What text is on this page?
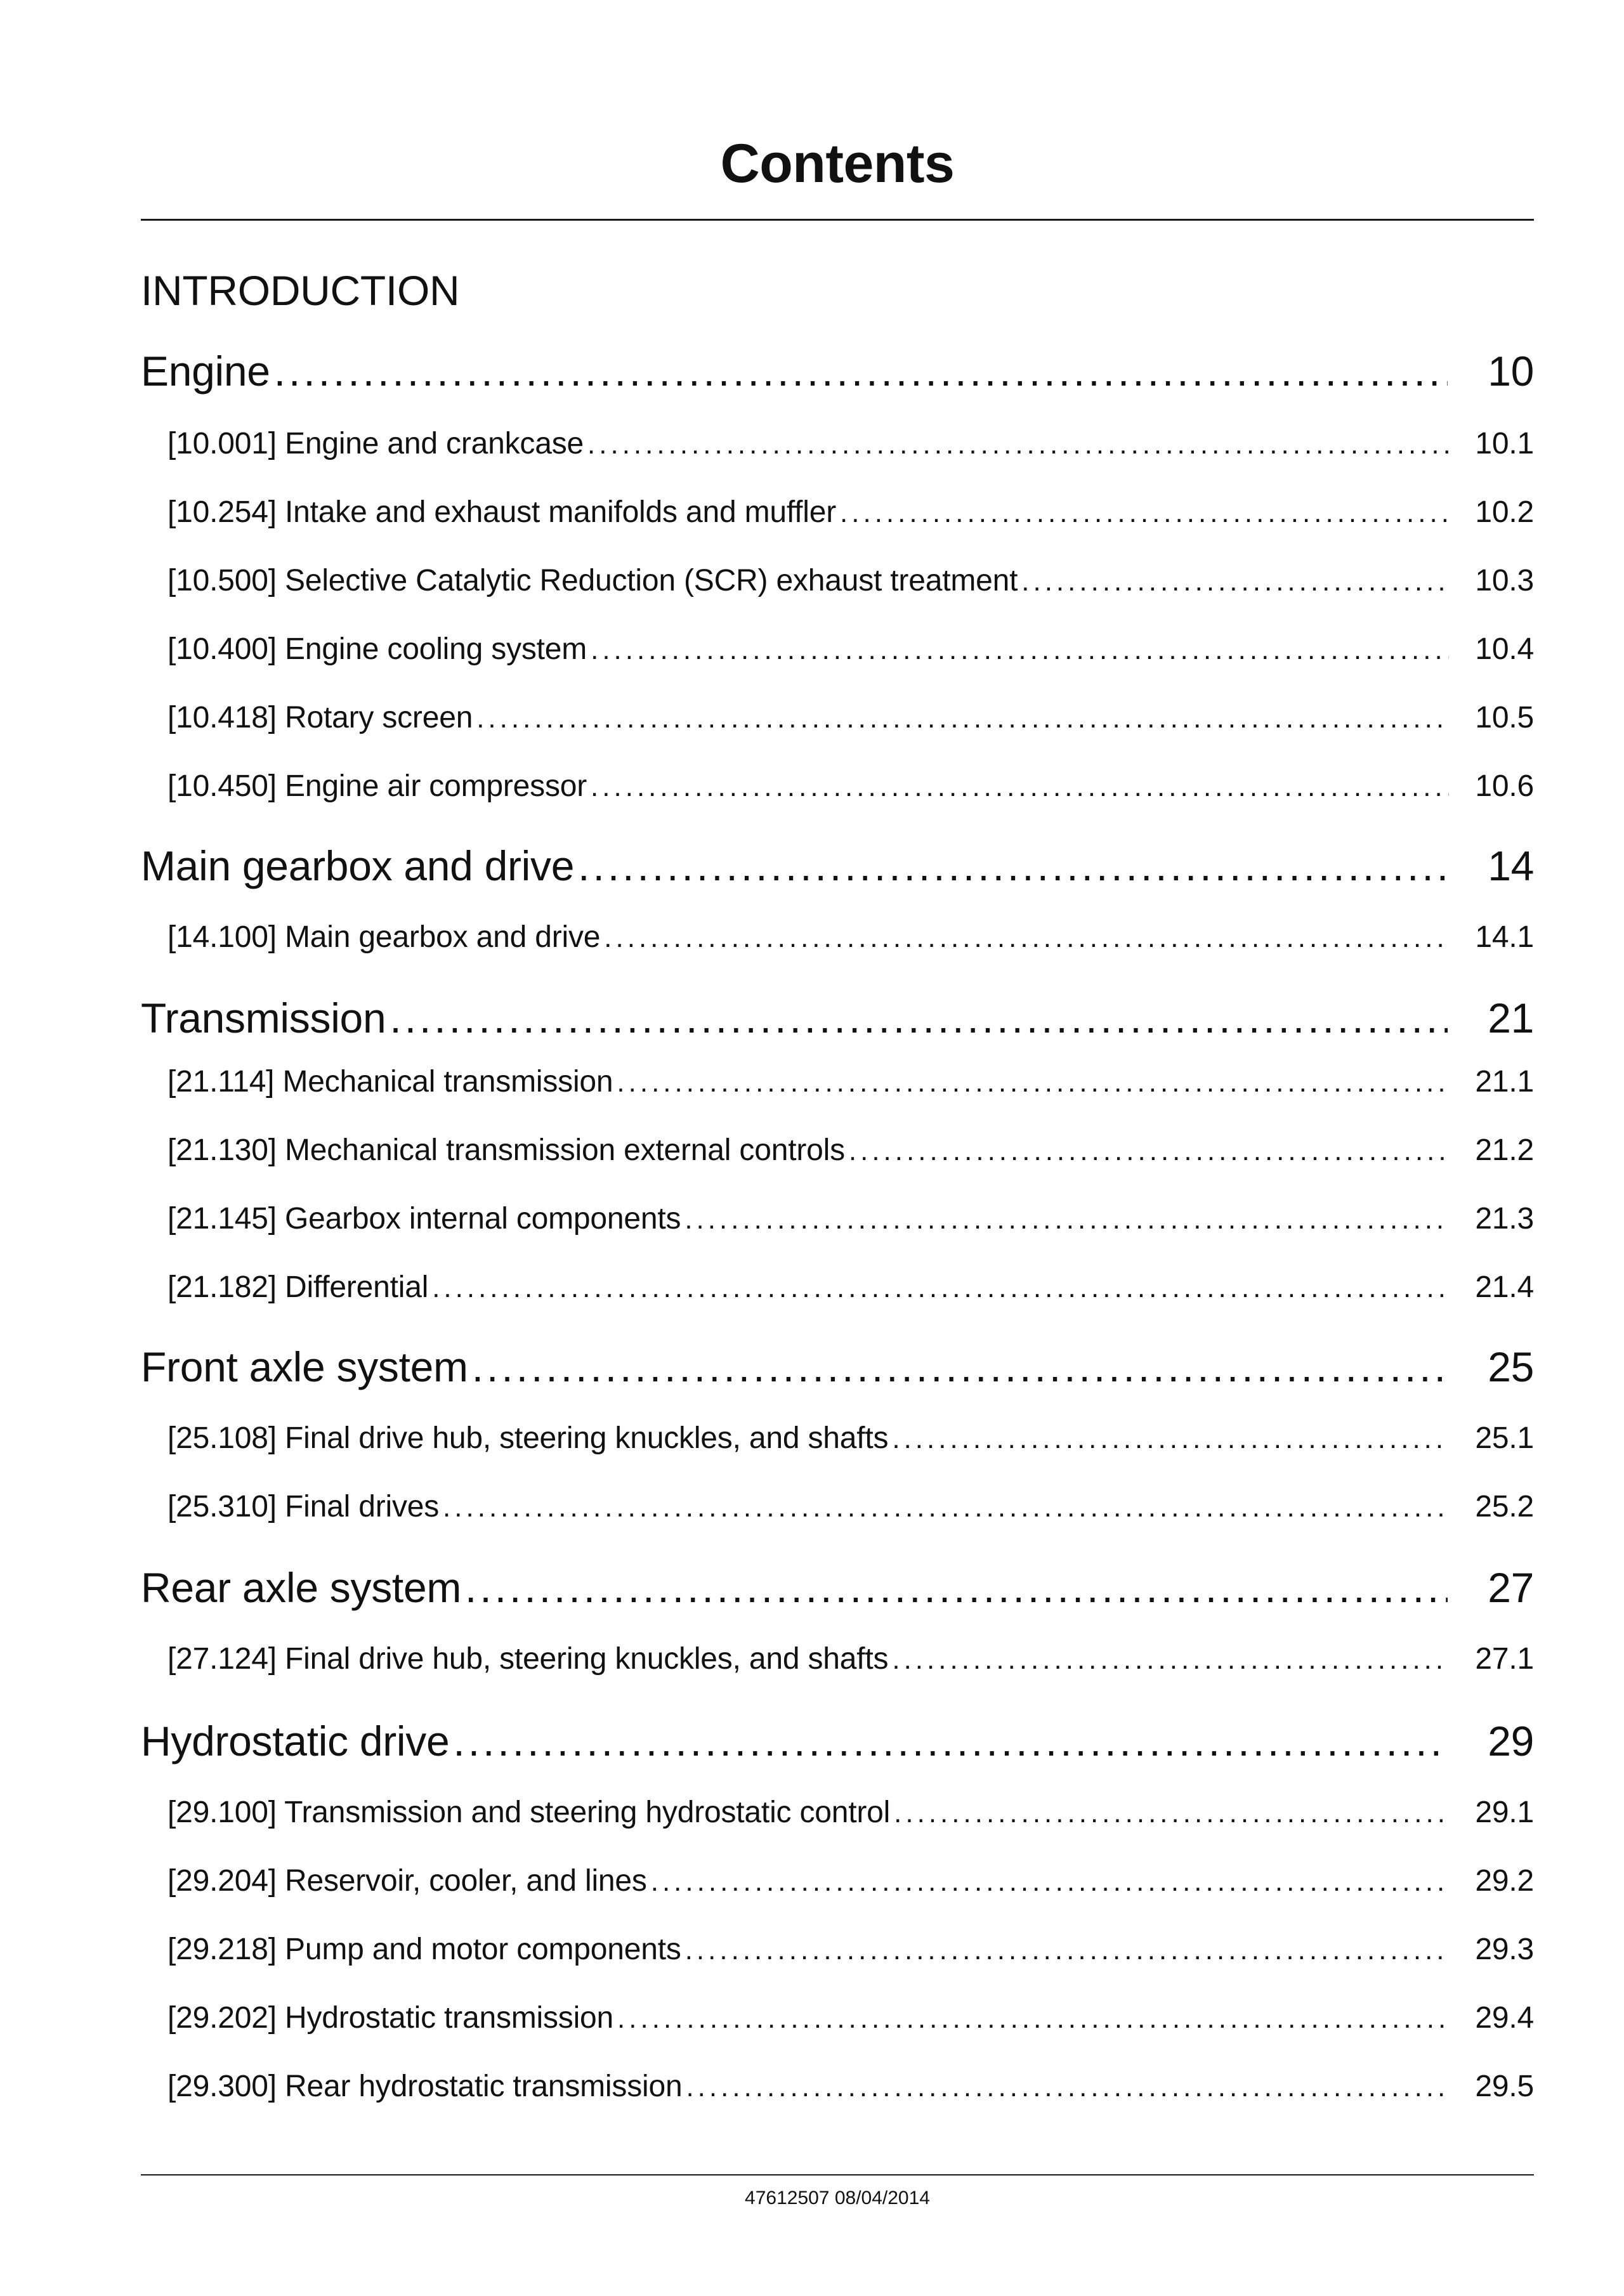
Contents
INTRODUCTION
Engine .....	10
[10.001] Engine and crankcase .....	10.1
[10.254] Intake and exhaust manifolds and muffler .....	10.2
[10.500] Selective Catalytic Reduction (SCR) exhaust treatment .....	10.3
[10.400] Engine cooling system .....	10.4
[10.418] Rotary screen .....	10.5
[10.450] Engine air compressor .....	10.6
Main gearbox and drive .....	14
[14.100] Main gearbox and drive .....	14.1
Transmission .....	21
[21.114] Mechanical transmission .....	21.1
[21.130] Mechanical transmission external controls .....	21.2
[21.145] Gearbox internal components .....	21.3
[21.182] Differential .....	21.4
Front axle system .....	25
[25.108] Final drive hub, steering knuckles, and shafts .....	25.1
[25.310] Final drives .....	25.2
Rear axle system .....	27
[27.124] Final drive hub, steering knuckles, and shafts .....	27.1
Hydrostatic drive .....	29
[29.100] Transmission and steering hydrostatic control .....	29.1
[29.204] Reservoir, cooler, and lines .....	29.2
[29.218] Pump and motor components .....	29.3
[29.202] Hydrostatic transmission .....	29.4
[29.300] Rear hydrostatic transmission .....	29.5
47612507 08/04/2014
